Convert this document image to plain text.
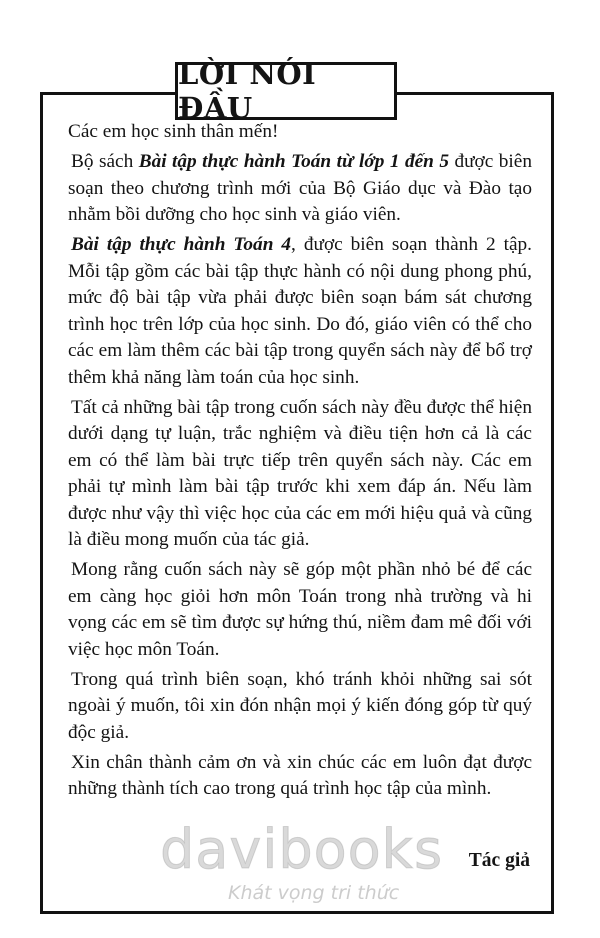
LỜI NÓI ĐẦU

Các em học sinh thân mến!

Bộ sách Bài tập thực hành Toán từ lớp 1 đến 5 được biên soạn theo chương trình mới của Bộ Giáo dục và Đào tạo nhằm bồi dưỡng cho học sinh và giáo viên.

Bài tập thực hành Toán 4, được biên soạn thành 2 tập. Mỗi tập gồm các bài tập thực hành có nội dung phong phú, mức độ bài tập vừa phải được biên soạn bám sát chương trình học trên lớp của học sinh. Do đó, giáo viên có thể cho các em làm thêm các bài tập trong quyển sách này để bổ trợ thêm khả năng làm toán của học sinh.

Tất cả những bài tập trong cuốn sách này đều được thể hiện dưới dạng tự luận, trắc nghiệm và điều tiện hơn cả là các em có thể làm bài trực tiếp trên quyển sách này. Các em phải tự mình làm bài tập trước khi xem đáp án. Nếu làm được như vậy thì việc học của các em mới hiệu quả và cũng là điều mong muốn của tác giả.

Mong rằng cuốn sách này sẽ góp một phần nhỏ bé để các em càng học giỏi hơn môn Toán trong nhà trường và hi vọng các em sẽ tìm được sự hứng thú, niềm đam mê đối với việc học môn Toán.

Trong quá trình biên soạn, khó tránh khỏi những sai sót ngoài ý muốn, tôi xin đón nhận mọi ý kiến đóng góp từ quý độc giả.

Xin chân thành cảm ơn và xin chúc các em luôn đạt được những thành tích cao trong quá trình học tập của mình.

Tác giả
davibooks
Khát vọng tri thức
